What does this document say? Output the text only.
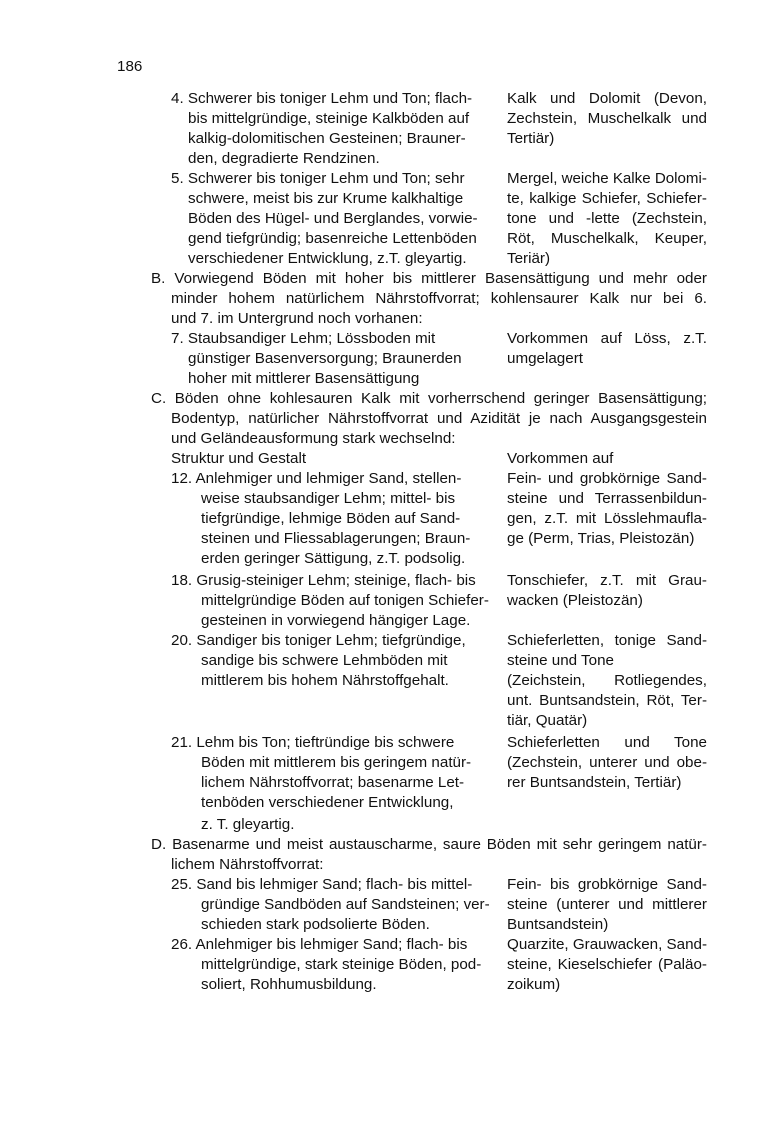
186
4. Schwerer bis toniger Lehm und Ton; flach-
bis mittelgründige, steinige Kalkböden auf
kalkig-dolomitischen Gesteinen; Brauner-
den, degradierte Rendzinen.
Kalk und Dolomit (Devon,
Zechstein, Muschelkalk und
Tertiär)
5. Schwerer bis toniger Lehm und Ton; sehr
schwere, meist bis zur Krume kalkhaltige
Böden des Hügel- und Berglandes, vorwie-
gend tiefgründig; basenreiche Lettenböden
verschiedener Entwicklung, z.T. gleyartig.
Mergel, weiche Kalke Dolomi-
te, kalkige Schiefer, Schiefer-
tone und -lette (Zechstein,
Röt, Muschelkalk, Keuper,
Teriär)
B. Vorwiegend Böden mit hoher bis mittlerer Basensättigung und mehr oder
minder hohem natürlichem Nährstoffvorrat; kohlensaurer Kalk nur bei 6.
und 7. im Untergrund noch vorhanen:
7. Staubsandiger Lehm; Lössboden mit
günstiger Basenversorgung; Braunerden
hoher mit mittlerer Basensättigung
Vorkommen auf Löss, z.T.
umgelagert
C. Böden ohne kohlesauren Kalk mit vorherrschend geringer Basensättigung;
Bodentyp, natürlicher Nährstoffvorrat und Azidität je nach Ausgangsgestein
und Geländeausformung stark wechselnd:
Struktur und Gestalt	Vorkommen auf
12. Anlehmiger und lehmiger Sand, stellen-
weise staubsandiger Lehm; mittel- bis
tiefgründige, lehmige Böden auf Sand-
steinen und Fliessablagerungen; Braun-
erden geringer Sättigung, z.T. podsolig.
Fein- und grobkörnige Sand-
steine und Terrassenbildun-
gen, z.T. mit Lösslehmaufla-
ge (Perm, Trias, Pleistozän)
18. Grusig-steiniger Lehm; steinige, flach- bis
mittelgründige Böden auf tonigen Schiefer-
gesteinen in vorwiegend hängiger Lage.
Tonschiefer, z.T. mit Grau-
wacken (Pleistozän)
20. Sandiger bis toniger Lehm; tiefgründige,
sandige bis schwere Lehmböden mit
mittlerem bis hohem Nährstoffgehalt.
Schieferletten, tonige Sand-
steine und Tone
(Zeichstein, Rotliegendes,
unt. Buntsandstein, Röt, Ter-
tiär, Quatär)
21. Lehm bis Ton; tieftründige bis schwere
Böden mit mittlerem bis geringem natür-
lichem Nährstoffvorrat; basenarme Let-
tenböden verschiedener Entwicklung,
z. T. gleyartig.
Schieferletten und Tone
(Zechstein, unterer und obe-
rer Buntsandstein, Tertiär)
D. Basenarme und meist austauscharme, saure Böden mit sehr geringem natür-
lichem Nährstoffvorrat:
25. Sand bis lehmiger Sand; flach- bis mittel-
gründige Sandböden auf Sandsteinen; ver-
schieden stark podsolierte Böden.
Fein- bis grobkörnige Sand-
steine (unterer und mittlerer
Buntsandstein)
26. Anlehmiger bis lehmiger Sand; flach- bis
mittelgründige, stark steinige Böden, pod-
soliert, Rohhumusbildung.
Quarzite, Grauwacken, Sand-
steine, Kieselschiefer (Paläo-
zoikum)
